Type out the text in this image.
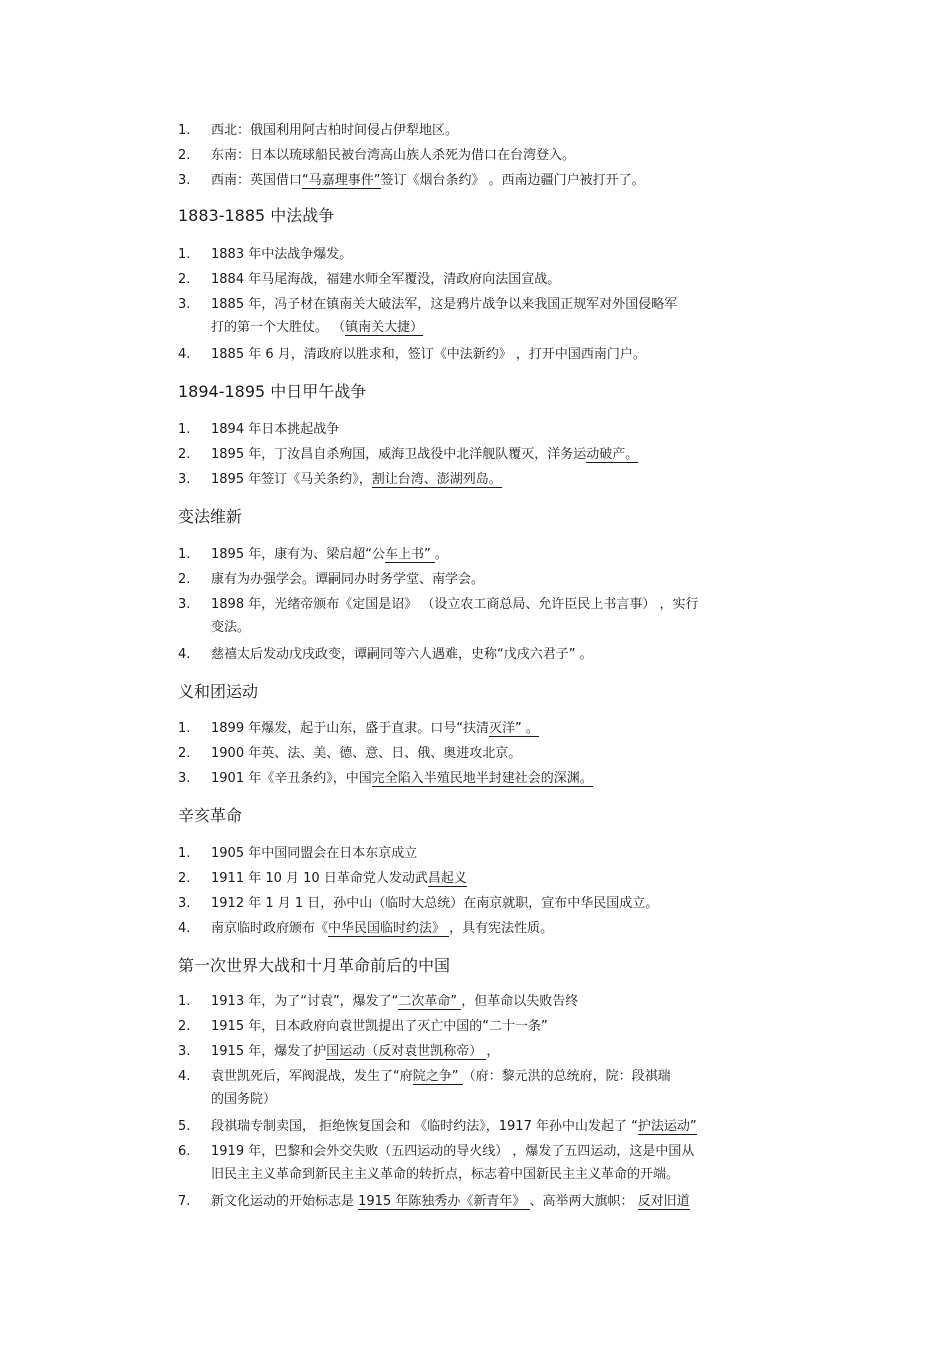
1. 西北：俄国利用阿古柏时间侵占伊犁地区。
2. 东南：日本以琉球船民被台湾高山族人杀死为借口在台湾登入。
3. 西南：英国借口“马嘉理事件”签订《烟台条约》 。西南边疆门户被打开了。
1883-1885 中法战争
1. 1883 年中法战争爆发。
2. 1884 年马尾海战，福建水师全军覆没，清政府向法国宣战。
3. 1885 年，冯子材在镇南关大破法军，这是鸦片战争以来我国正规军对外国侵略军
打的第一个大胜仗。 （镇南关大捷）
4. 1885 年 6 月，清政府以胜求和，签订《中法新约》 ，打开中国西南门户。
1894-1895 中日甲午战争
1. 1894 年日本挑起战争
2. 1895 年，丁汝昌自杀殉国，威海卫战役中北洋舰队覆灭，洋务运动破产。
3. 1895 年签订《马关条约》，割让台湾、澎湖列岛。
变法维新
1. 1895 年，康有为、梁启超“公车上书” 。
2. 康有为办强学会。谭嗣同办时务学堂、南学会。
3. 1898 年，光绪帝颁布《定国是诏》 （设立农工商总局、允许臣民上书言事） ，实行
变法。
4. 慈禧太后发动戊戌政变，谭嗣同等六人遇难，史称“戊戌六君子” 。
义和团运动
1. 1899 年爆发，起于山东，盛于直隶。口号“扶清灭洋” 。
2. 1900 年英、法、美、德、意、日、俄、奥进攻北京。
3. 1901 年《辛丑条约》，中国完全陷入半殖民地半封建社会的深渊。
辛亥革命
1. 1905 年中国同盟会在日本东京成立
2. 1911 年 10 月 10 日革命党人发动武昌起义
3. 1912 年 1 月 1 日，孙中山（临时大总统）在南京就职，宣布中华民国成立。
4. 南京临时政府颁布《中华民国临时约法》 ，具有宪法性质。
第一次世界大战和十月革命前后的中国
1. 1913 年，为了“讨袁”，爆发了“二次革命” ，但革命以失败告终
2. 1915 年，日本政府向袁世凯提出了灭亡中国的“二十一条”
3. 1915 年，爆发了护国运动（反对袁世凯称帝） ，
4. 袁世凯死后，军阀混战，发生了“府院之争” （府：黎元洪的总统府，院：段祺瑞
的国务院）
5. 段祺瑞专制卖国， 拒绝恢复国会和 《临时约法》，1917 年孙中山发起了 “护法运动”
6. 1919 年，巴黎和会外交失败（五四运动的导火线） ，爆发了五四运动，这是中国从
旧民主主义革命到新民主主义革命的转折点，标志着中国新民主主义革命的开端。
7. 新文化运动的开始标志是 1915 年陈独秀办《新青年》 、高举两大旗帜： 反对旧道
